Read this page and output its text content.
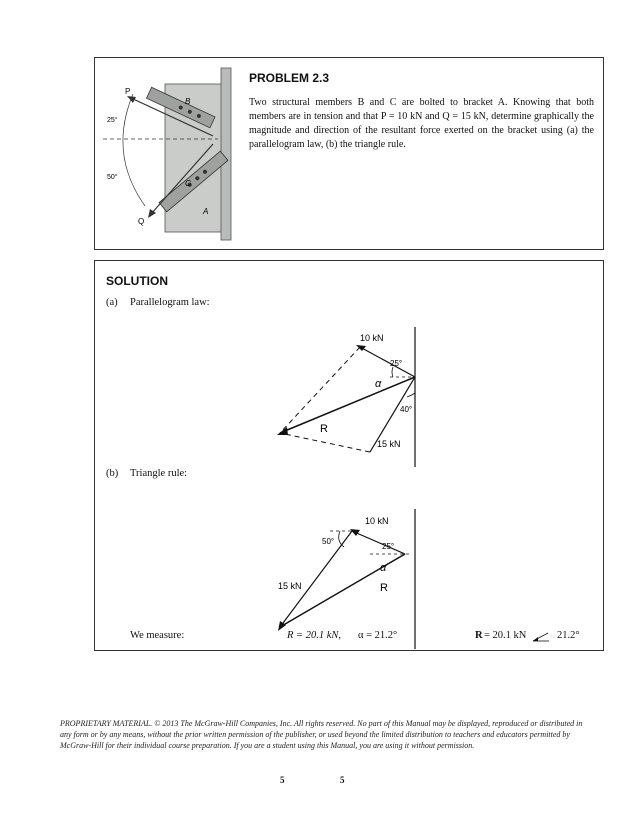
P
Q
B
C
A
25°
50°
PROBLEM 2.3
Two structural members B and C are bolted to bracket A. Knowing that both members are in tension and that P = 10 kN and Q = 15 kN, determine graphically the magnitude and direction of the resultant force exerted on the bracket using (a) the parallelogram law, (b) the triangle rule.
SOLUTION
(a) Parallelogram law:
10 kN
15 kN
25°
40°
α
R
(b) Triangle rule:
10 kN
15 kN
50°
25°
α
R
We measure:	R = 20.1 kN, α = 21.2°	R = 20.1 kN	21.2°
PROPRIETARY MATERIAL. © 2013 The McGraw-Hill Companies, Inc. All rights reserved. No part of this Manual may be displayed, reproduced or distributed in any form or by any means, without the prior written permission of the publisher, or used beyond the limited distribution to teachers and educators permitted by McGraw-Hill for their individual course preparation. If you are a student using this Manual, you are using it without permission.
5	5
